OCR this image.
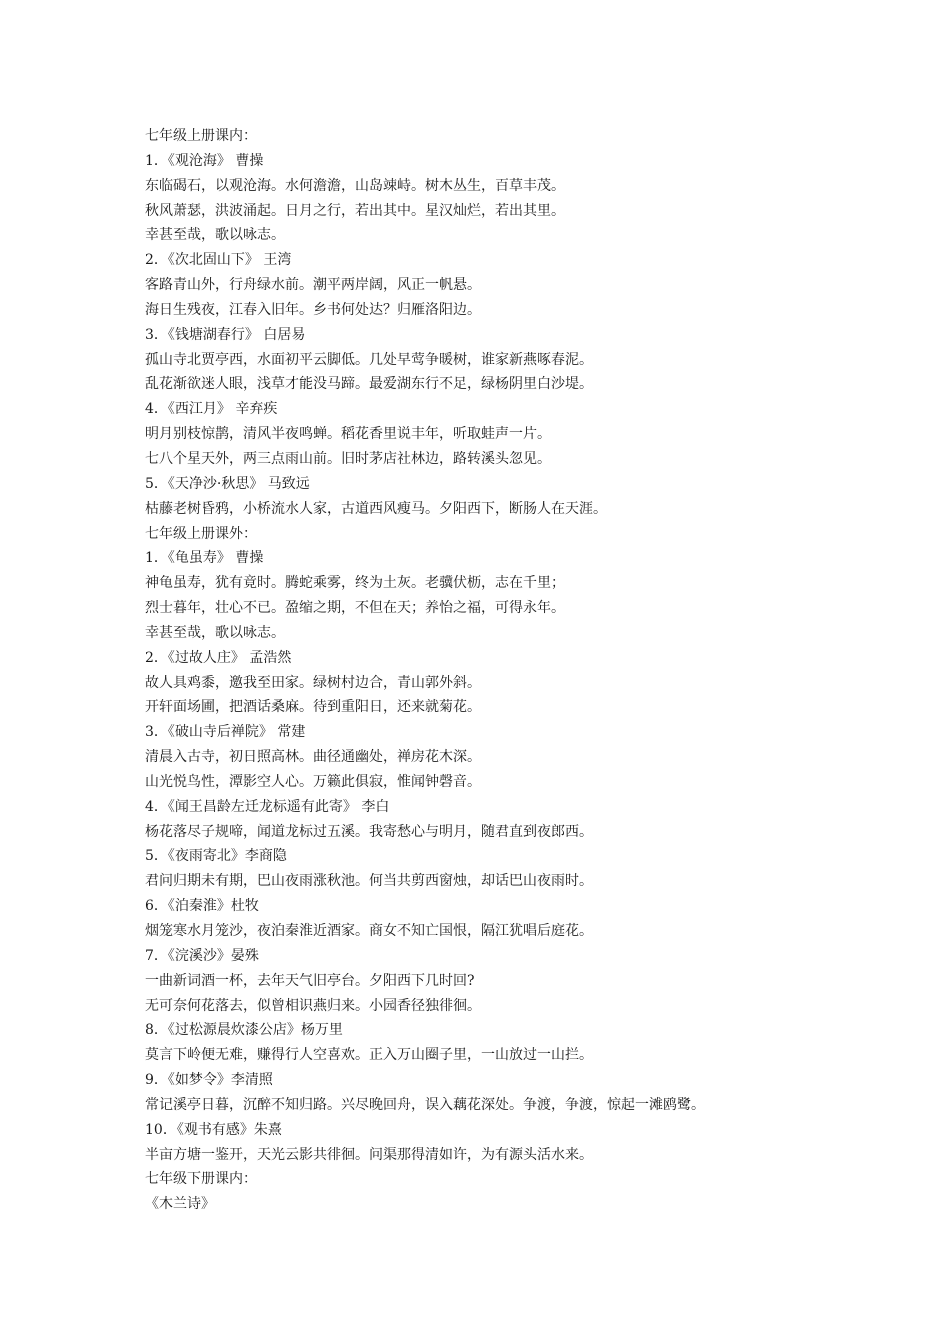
七年级上册课内：
1．《观沧海》 曹操
东临碣石，以观沧海。水何澹澹，山岛竦峙。树木丛生，百草丰茂。
秋风萧瑟，洪波涌起。日月之行，若出其中。星汉灿烂，若出其里。
幸甚至哉，歌以咏志。
2．《次北固山下》 王湾
客路青山外，行舟绿水前。潮平两岸阔，风正一帆悬。
海日生残夜，江春入旧年。乡书何处达？归雁洛阳边。
3．《钱塘湖春行》 白居易
孤山寺北贾亭西，水面初平云脚低。几处早莺争暖树，谁家新燕啄春泥。
乱花渐欲迷人眼，浅草才能没马蹄。最爱湖东行不足，绿杨阴里白沙堤。
4．《西江月》 辛弃疾
明月别枝惊鹊，清风半夜鸣蝉。稻花香里说丰年，听取蛙声一片。
七八个星天外，两三点雨山前。旧时茅店社林边，路转溪头忽见。
5．《天净沙·秋思》 马致远
枯藤老树昏鸦，小桥流水人家，古道西风瘦马。夕阳西下，断肠人在天涯。
七年级上册课外：
1．《龟虽寿》 曹操
神龟虽寿，犹有竟时。腾蛇乘雾，终为土灰。老骥伏枥，志在千里；
烈士暮年，壮心不已。盈缩之期，不但在天；养怡之福，可得永年。
幸甚至哉，歌以咏志。
2．《过故人庄》 孟浩然
故人具鸡黍，邀我至田家。绿树村边合，青山郭外斜。
开轩面场圃，把酒话桑麻。待到重阳日，还来就菊花。
3．《破山寺后禅院》 常建
清晨入古寺，初日照高林。曲径通幽处，禅房花木深。
山光悦鸟性，潭影空人心。万籁此俱寂，惟闻钟磬音。
4．《闻王昌龄左迁龙标遥有此寄》 李白
杨花落尽子规啼，闻道龙标过五溪。我寄愁心与明月，随君直到夜郎西。
5．《夜雨寄北》李商隐
君问归期未有期，巴山夜雨涨秋池。何当共剪西窗烛，却话巴山夜雨时。
6．《泊秦淮》杜牧
烟笼寒水月笼沙，夜泊秦淮近酒家。商女不知亡国恨，隔江犹唱后庭花。
7．《浣溪沙》晏殊
一曲新词酒一杯，去年天气旧亭台。夕阳西下几时回?
无可奈何花落去，似曾相识燕归来。小园香径独徘徊。
8．《过松源晨炊漆公店》杨万里
莫言下岭便无难，赚得行人空喜欢。正入万山圈子里，一山放过一山拦。
9．《如梦令》李清照
常记溪亭日暮，沉醉不知归路。兴尽晚回舟，误入藕花深处。争渡，争渡，惊起一滩鸥鹭。
10．《观书有感》朱熹
半亩方塘一鉴开，天光云影共徘徊。问渠那得清如许，为有源头活水来。
七年级下册课内：
《木兰诗》
